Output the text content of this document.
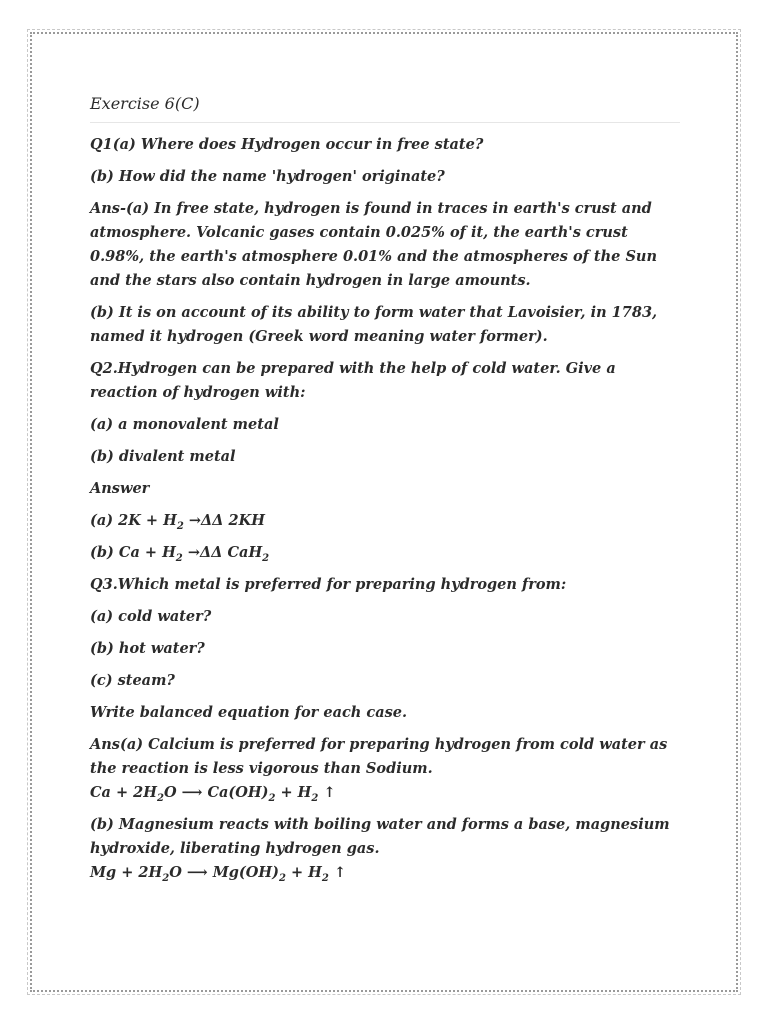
Exercise 6(C)

Q1(a) Where does Hydrogen occur in free state?

(b) How did the name 'hydrogen' originate?

Ans-(a) In free state, hydrogen is found in traces in earth's crust and atmosphere. Volcanic gases contain 0.025% of it, the earth's crust 0.98%, the earth's atmosphere 0.01% and the atmospheres of the Sun and the stars also contain hydrogen in large amounts.

(b) It is on account of its ability to form water that Lavoisier, in 1783, named it hydrogen (Greek word meaning water former).

Q2.Hydrogen can be prepared with the help of cold water. Give a reaction of hydrogen with:

(a) a monovalent metal

(b) divalent metal

Answer

(a) $2K + H_2 \to\Delta\Delta$ 2KH

(b) $Ca + H_2 \to\Delta\Delta$ CaH$_2$

Q3.Which metal is preferred for preparing hydrogen from:

(a) cold water?

(b) hot water?

(c) steam?

Write balanced equation for each case.

Ans(a) Calcium is preferred for preparing hydrogen from cold water as the reaction is less vigorous than Sodium.
$Ca + 2H_2O$ ⟶ $Ca(OH)_2 + H_2$ ↑

(b) Magnesium reacts with boiling water and forms a base, magnesium hydroxide, liberating hydrogen gas.
$Mg + 2H_2O$ ⟶ $Mg(OH)_2 + H_2$ ↑
